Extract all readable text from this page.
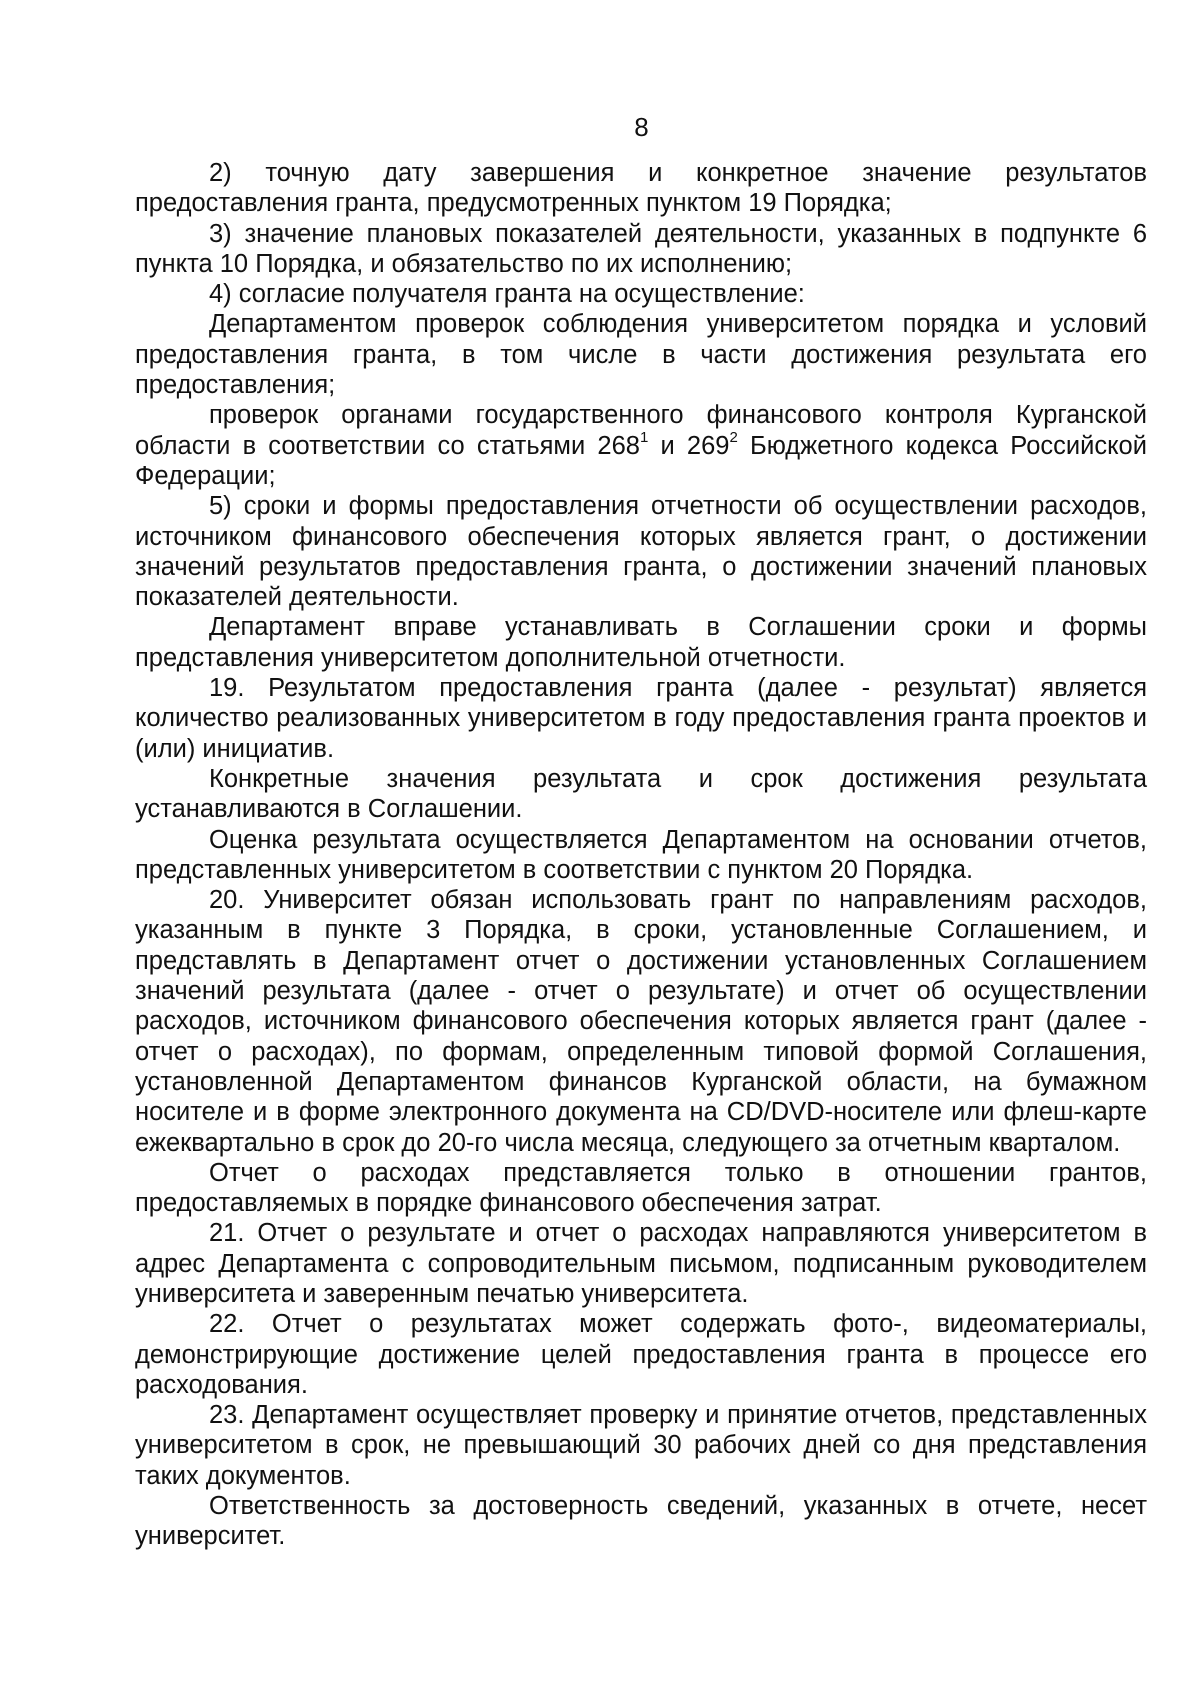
8

2) точную дату завершения и конкретное значение результатов предоставления гранта, предусмотренных пунктом 19 Порядка;

3) значение плановых показателей деятельности, указанных в подпункте 6 пункта 10 Порядка, и обязательство по их исполнению;

4) согласие получателя гранта на осуществление:

Департаментом проверок соблюдения университетом порядка и условий предоставления гранта, в том числе в части достижения результата его предоставления;

проверок органами государственного финансового контроля Курганской области в соответствии со статьями $268^1$ и $269^2$ Бюджетного кодекса Российской Федерации;

5) сроки и формы предоставления отчетности об осуществлении расходов, источником финансового обеспечения которых является грант, о достижении значений результатов предоставления гранта, о достижении значений плановых показателей деятельности.

Департамент вправе устанавливать в Соглашении сроки и формы представления университетом дополнительной отчетности.

19. Результатом предоставления гранта (далее - результат) является количество реализованных университетом в году предоставления гранта проектов и (или) инициатив.

Конкретные значения результата и срок достижения результата устанавливаются в Соглашении.

Оценка результата осуществляется Департаментом на основании отчетов, представленных университетом в соответствии с пунктом 20 Порядка.

20. Университет обязан использовать грант по направлениям расходов, указанным в пункте 3 Порядка, в сроки, установленные Соглашением, и представлять в Департамент отчет о достижении установленных Соглашением значений результата (далее - отчет о результате) и отчет об осуществлении расходов, источником финансового обеспечения которых является грант (далее - отчет о расходах), по формам, определенным типовой формой Соглашения, установленной Департаментом финансов Курганской области, на бумажном носителе и в форме электронного документа на CD/DVD-носителе или флеш-карте ежеквартально в срок до 20-го числа месяца, следующего за отчетным кварталом.

Отчет о расходах представляется только в отношении грантов, предоставляемых в порядке финансового обеспечения затрат.

21. Отчет о результате и отчет о расходах направляются университетом в адрес Департамента с сопроводительным письмом, подписанным руководителем университета и заверенным печатью университета.

22. Отчет о результатах может содержать фото-, видеоматериалы, демонстрирующие достижение целей предоставления гранта в процессе его расходования.

23. Департамент осуществляет проверку и принятие отчетов, представленных университетом в срок, не превышающий 30 рабочих дней со дня представления таких документов.

Ответственность за достоверность сведений, указанных в отчете, несет университет.
